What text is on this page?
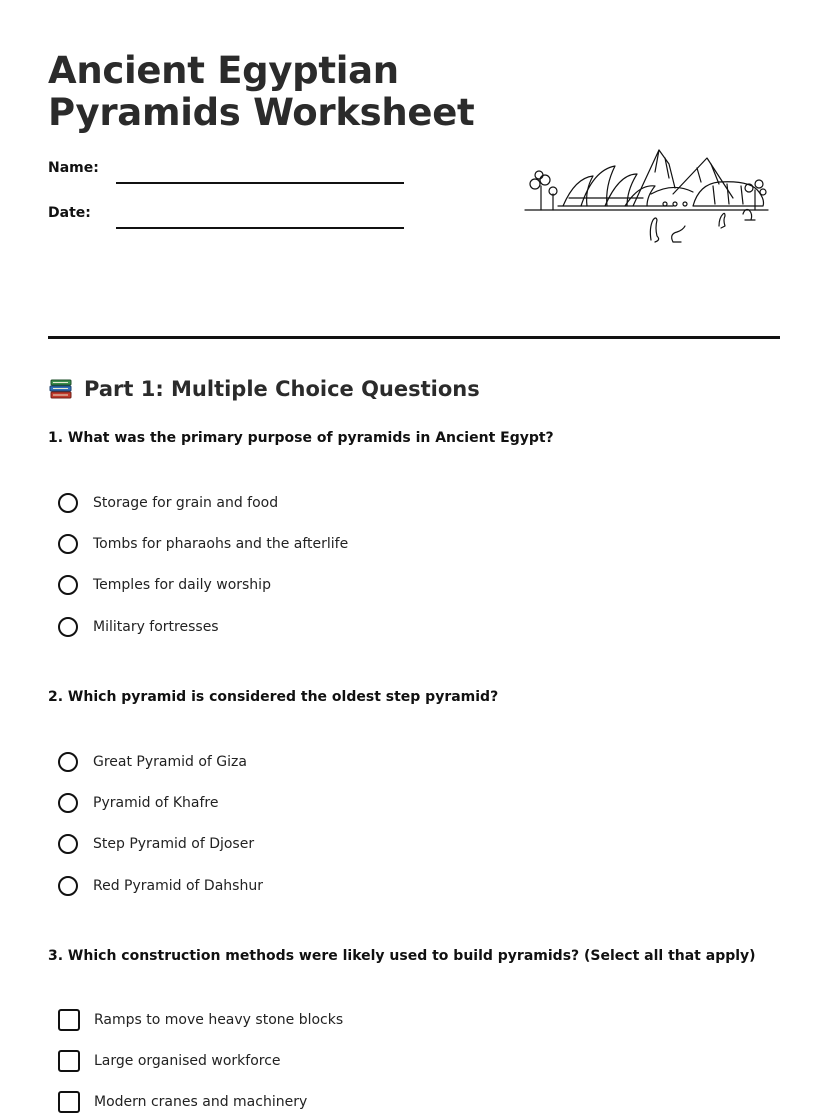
Ancient Egyptian Pyramids Worksheet
Name:
Date:
Part 1: Multiple Choice Questions
1. What was the primary purpose of pyramids in Ancient Egypt?
Storage for grain and food
Tombs for pharaohs and the afterlife
Temples for daily worship
Military fortresses
2. Which pyramid is considered the oldest step pyramid?
Great Pyramid of Giza
Pyramid of Khafre
Step Pyramid of Djoser
Red Pyramid of Dahshur
3. Which construction methods were likely used to build pyramids? (Select all that apply)
Ramps to move heavy stone blocks
Large organised workforce
Modern cranes and machinery
